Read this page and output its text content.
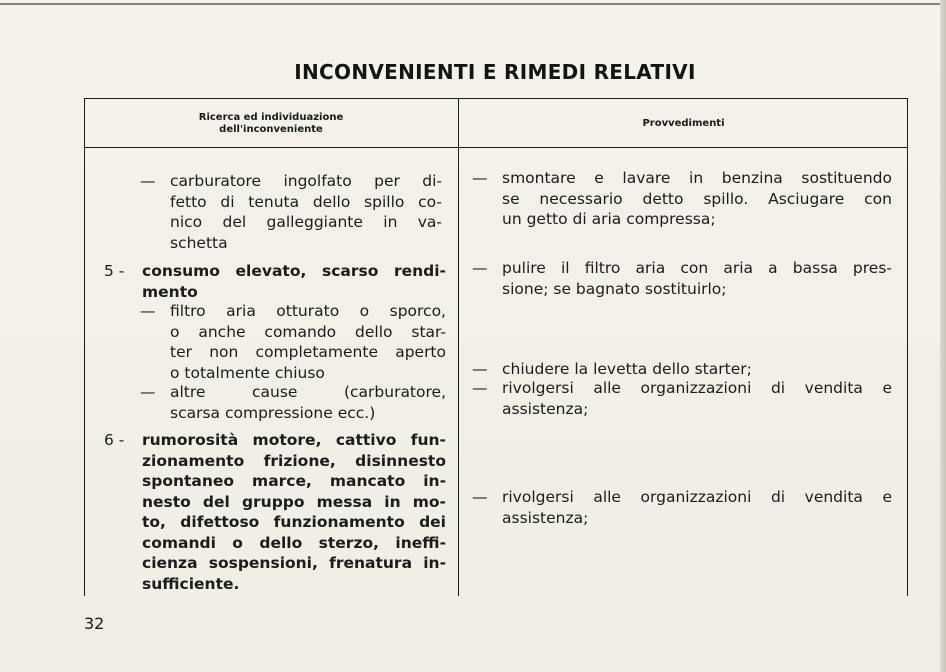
INCONVENIENTI E RIMEDI RELATIVI
Ricerca ed individuazione
dell'inconveniente
Provvedimenti
— carburatore ingolfato per di-
fetto di tenuta dello spillo co-
nico del galleggiante in va-
schetta
5 - consumo elevato, scarso rendi-
mento
— filtro aria otturato o sporco,
o anche comando dello star-
ter non completamente aperto
o totalmente chiuso
— altre cause (carburatore,
scarsa compressione ecc.)
6 - rumorosità motore, cattivo fun-
zionamento frizione, disinnesto
spontaneo marce, mancato in-
nesto del gruppo messa in mo-
to, difettoso funzionamento dei
comandi o dello sterzo, ineffi-
cienza sospensioni, frenatura in-
sufficiente.
— smontare e lavare in benzina sostituendo
se necessario detto spillo. Asciugare con
un getto di aria compressa;
— pulire il filtro aria con aria a bassa pres-
sione; se bagnato sostituirlo;
— chiudere la levetta dello starter;
— rivolgersi alle organizzazioni di vendita e
assistenza;
— rivolgersi alle organizzazioni di vendita e
assistenza;
32
